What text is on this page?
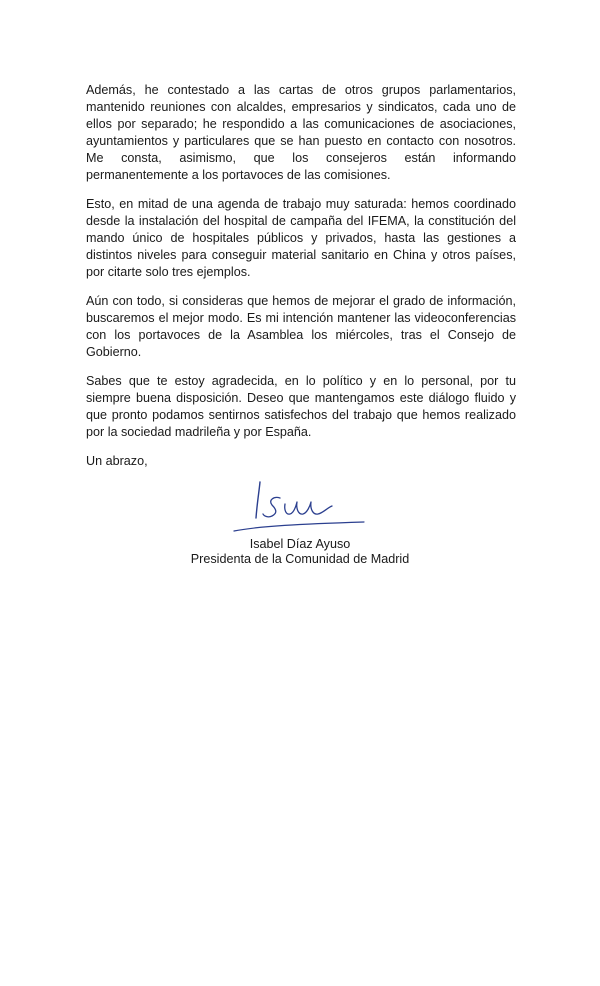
Además, he contestado a las cartas de otros grupos parlamentarios, mantenido reuniones con alcaldes, empresarios y sindicatos, cada uno de ellos por separado; he respondido a las comunicaciones de asociaciones, ayuntamientos y particulares que se han puesto en contacto con nosotros. Me consta, asimismo, que los consejeros están informando permanentemente a los portavoces de las comisiones.

Esto, en mitad de una agenda de trabajo muy saturada: hemos coordinado desde la instalación del hospital de campaña del IFEMA, la constitución del mando único de hospitales públicos y privados, hasta las gestiones a distintos niveles para conseguir material sanitario en China y otros países, por citarte solo tres ejemplos.

Aún con todo, si consideras que hemos de mejorar el grado de información, buscaremos el mejor modo. Es mi intención mantener las videoconferencias con los portavoces de la Asamblea los miércoles, tras el Consejo de Gobierno.

Sabes que te estoy agradecida, en lo político y en lo personal, por tu siempre buena disposición. Deseo que mantengamos este diálogo fluido y que pronto podamos sentirnos satisfechos del trabajo que hemos realizado por la sociedad madrileña y por España.

Un abrazo,

Isabel Díaz Ayuso
Presidenta de la Comunidad de Madrid
